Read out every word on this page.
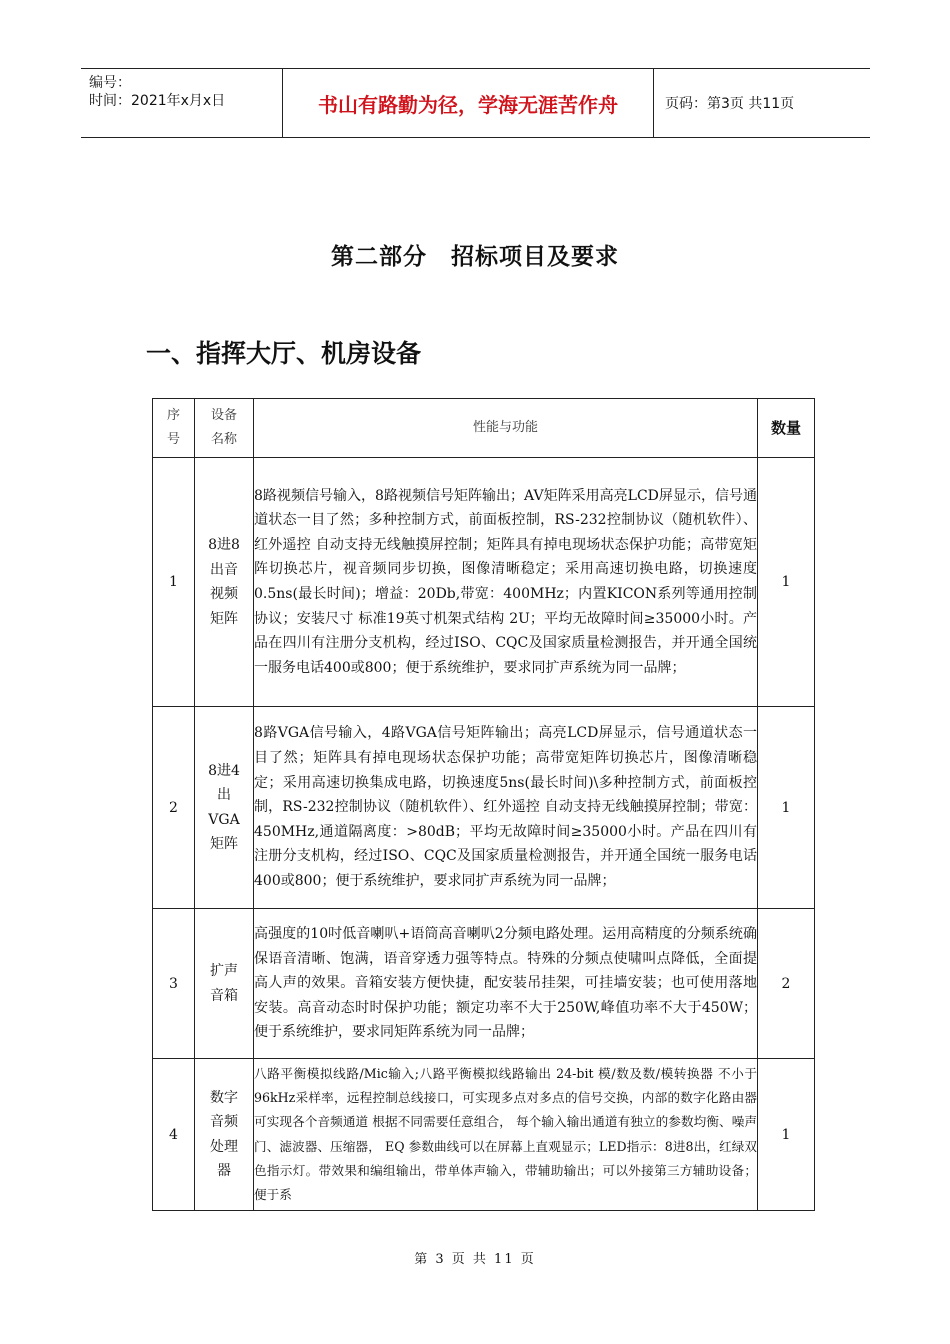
编号：
时间：2021年x月x日	书山有路勤为径，学海无涯苦作舟	页码：第3页 共11页
第二部分　招标项目及要求
一、指挥大厅、机房设备
序号	设备名称	性能与功能	数量
1	8进8出音视频矩阵	8路视频信号输入，8路视频信号矩阵输出；AV矩阵采用高亮LCD屏显示，信号通道状态一目了然；多种控制方式，前面板控制，RS-232控制协议（随机软件）、红外遥控 自动支持无线触摸屏控制；矩阵具有掉电现场状态保护功能；高带宽矩阵切换芯片，视音频同步切换，图像清晰稳定；采用高速切换电路，切换速度 0.5ns(最长时间)；增益：20Db,带宽：400MHz；内置KICON系列等通用控制协议；安装尺寸 标准19英寸机架式结构 2U；平均无故障时间≥35000小时。产品在四川有注册分支机构，经过ISO、CQC及国家质量检测报告，并开通全国统一服务电话400或800；便于系统维护，要求同扩声系统为同一品牌；	1
2	8进4出VGA矩阵	8路VGA信号输入，4路VGA信号矩阵输出；高亮LCD屏显示，信号通道状态一目了然；矩阵具有掉电现场状态保护功能；高带宽矩阵切换芯片，图像清晰稳定；采用高速切换集成电路，切换速度5ns(最长时间)\多种控制方式，前面板控制，RS-232控制协议（随机软件）、红外遥控 自动支持无线触摸屏控制；带宽：450MHz,通道隔离度：>80dB；平均无故障时间≥35000小时。产品在四川有注册分支机构，经过ISO、CQC及国家质量检测报告，并开通全国统一服务电话400或800；便于系统维护，要求同扩声系统为同一品牌；	1
3	扩声音箱	高强度的10吋低音喇叭+语筒高音喇叭2分频电路处理。运用高精度的分频系统确保语音清晰、饱满，语音穿透力强等特点。特殊的分频点使啸叫点降低，全面提高人声的效果。音箱安装方便快捷，配安装吊挂架，可挂墙安装；也可使用落地安装。高音动态时时保护功能；额定功率不大于250W,峰值功率不大于450W；便于系统维护，要求同矩阵系统为同一品牌；	2
4	数字音频处理器	八路平衡模拟线路/Mic输入;八路平衡模拟线路输出 24-bit 模/数及数/模转换器 不小于96kHz采样率，远程控制总线接口，可实现多点对多点的信号交换，内部的数字化路由器可实现各个音频通道 根据不同需要任意组合， 每个输入输出通道有独立的参数均衡、噪声门、滤波器、压缩器， EQ 参数曲线可以在屏幕上直观显示；LED指示：8进8出，红绿双色指示灯。带效果和编组输出，带单体声输入，带辅助输出；可以外接第三方辅助设备；便于系	1
第 3 页 共 11 页
